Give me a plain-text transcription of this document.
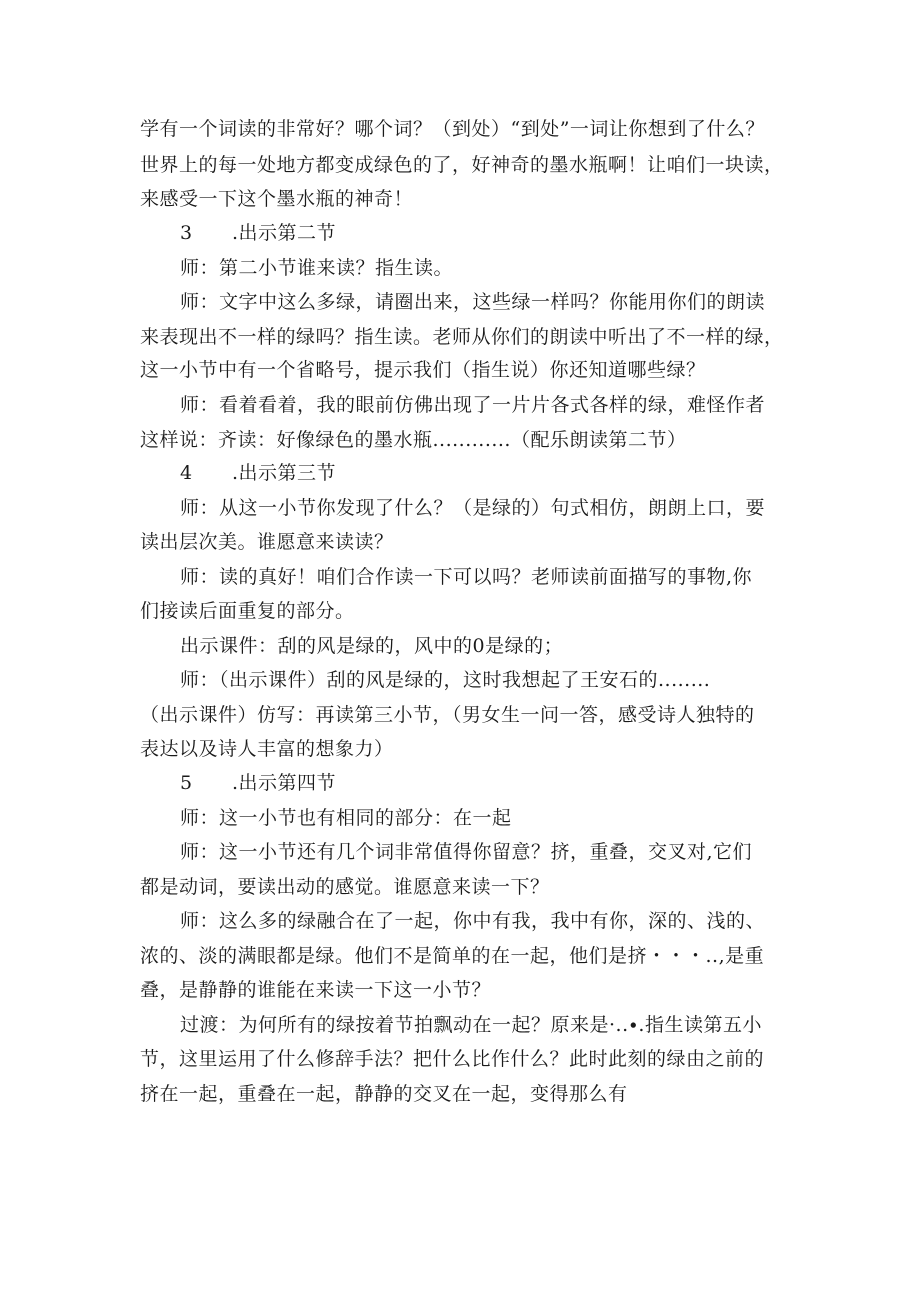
学有一个词读的非常好？哪个词？（到处）“到处”一词让你想到了什么？
世界上的每一处地方都变成绿色的了，好神奇的墨水瓶啊！让咱们一块读，
来感受一下这个墨水瓶的神奇！
3 .出示第二节
师：第二小节谁来读？指生读。
师：文字中这么多绿，请圈出来，这些绿一样吗？你能用你们的朗读
来表现出不一样的绿吗？指生读。老师从你们的朗读中听出了不一样的绿，
这一小节中有一个省略号，提示我们（指生说）你还知道哪些绿？
师：看着看着，我的眼前仿佛出现了一片片各式各样的绿，难怪作者
这样说：齐读：好像绿色的墨水瓶............（配乐朗读第二节）
4 .出示第三节
师：从这一小节你发现了什么？（是绿的）句式相仿，朗朗上口，要
读出层次美。谁愿意来读读？
师：读的真好！咱们合作读一下可以吗？老师读前面描写的事物,你
们接读后面重复的部分。
出示课件：刮的风是绿的，风中的0是绿的；
师：（出示课件）刮的风是绿的，这时我想起了王安石的........
（出示课件）仿写：再读第三小节，（男女生一问一答，感受诗人独特的
表达以及诗人丰富的想象力）
5 .出示第四节
师：这一小节也有相同的部分：在一起
师：这一小节还有几个词非常值得你留意？挤，重叠，交叉对,它们
都是动词，要读出动的感觉。谁愿意来读一下？
师：这么多的绿融合在了一起，你中有我，我中有你，深的、浅的、
浓的、淡的满眼都是绿。他们不是简单的在一起，他们是挤・・・..,是重
叠，是静静的谁能在来读一下这一小节？
过渡：为何所有的绿按着节拍飘动在一起？原来是·..∙.指生读第五小
节，这里运用了什么修辞手法？把什么比作什么？此时此刻的绿由之前的
挤在一起，重叠在一起，静静的交叉在一起，变得那么有
